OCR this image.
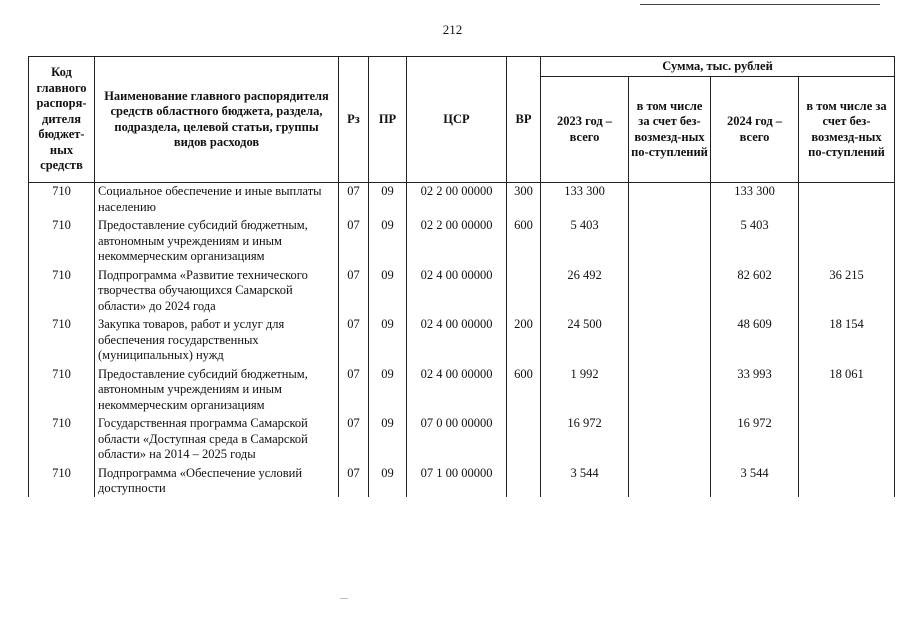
212
Код главного распоря-дителя бюджет-ных средств	Наименование главного распорядителя средств областного бюджета, раздела, подраздела, целевой статьи, группы видов расходов	Рз	ПР	ЦСР	ВР	Сумма, тыс. рублей			
						2023 год – всего	в том числе за счет без-возмезд-ных по-ступлений	2024 год – всего	в том числе за счет без-возмезд-ных по-ступлений
710	Социальное обеспечение и иные выплаты населению	07	09	02 2 00 00000	300	133 300		133 300	
710	Предоставление субсидий бюджетным, автономным учреждениям и иным некоммерческим организациям	07	09	02 2 00 00000	600	5 403		5 403	
710	Подпрограмма «Развитие технического творчества обучающихся Самарской области» до 2024 года	07	09	02 4 00 00000		26 492		82 602	36 215
710	Закупка товаров, работ и услуг для обеспечения государственных (муниципальных) нужд	07	09	02 4 00 00000	200	24 500		48 609	18 154
710	Предоставление субсидий бюджетным, автономным учреждениям и иным некоммерческим организациям	07	09	02 4 00 00000	600	1 992		33 993	18 061
710	Государственная программа Самарской области «Доступная среда в Самарской области» на 2014 – 2025 годы	07	09	07 0 00 00000		16 972		16 972	
710	Подпрограмма «Обеспечение условий доступности	07	09	07 1 00 00000		3 544		3 544	
